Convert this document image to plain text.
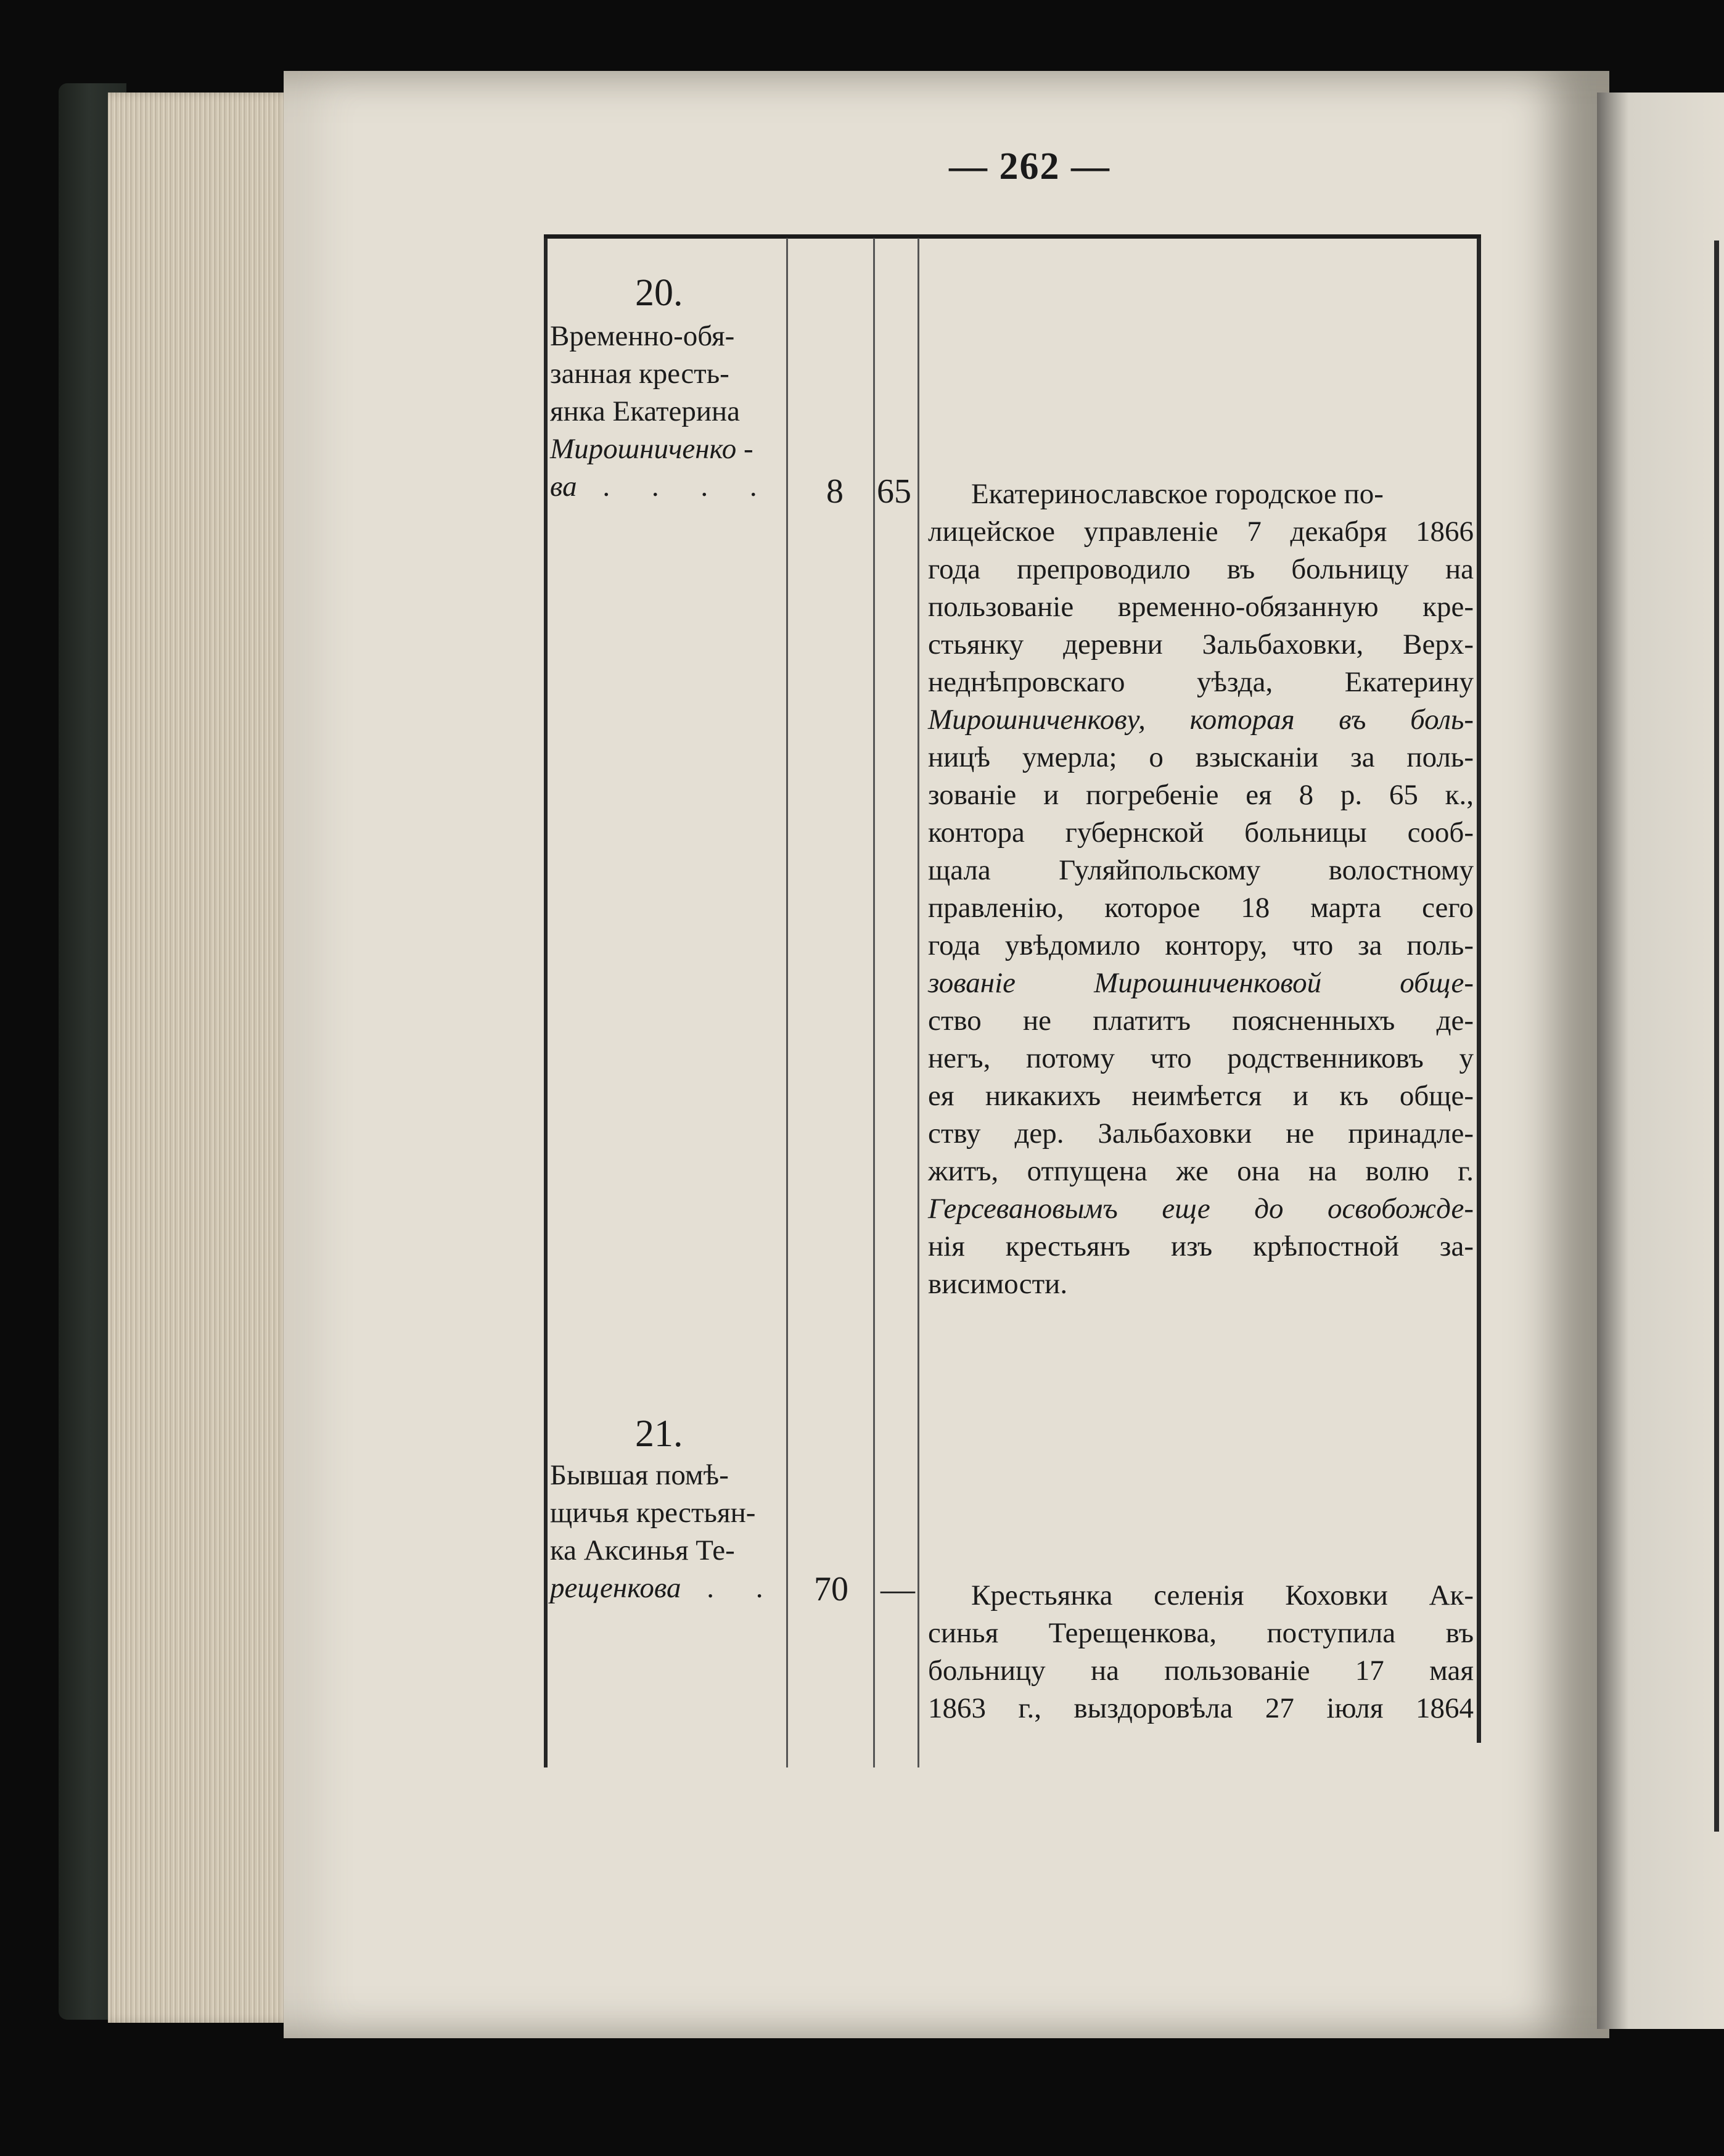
— 262 —
20.
Временно-обя-
занная кресть-
янка Екатерина
Мирошниченко -
ва . . . . 8 65	Екатеринославское городское по-
лицейское управленіе 7 декабря 1866
года препроводило въ больницу на
пользованіе временно-обязанную кре-
стьянку деревни Зальбаховки, Верх-
неднѣпровскаго уѣзда, Екатерину
Мирошниченкову, которая въ боль-
ницѣ умерла; о взысканіи за поль-
зованіе и погребеніе ея 8 р. 65 к.,
контора губернской больницы сооб-
щала Гуляйпольскому волостному
правленію, которое 18 марта сего
года увѣдомило контору, что за поль-
зованіе Мирошниченковой обще-
ство не платитъ поясненныхъ де-
негъ, потому что родственниковъ у
ея никакихъ неимѣется и къ обще-
ству дер. Зальбаховки не принадле-
житъ, отпущена же она на волю г.
Герсевановымъ еще до освобожде-
нія крестьянъ изъ крѣпостной за-
висимости.
21.
Бывшая помѣ-
щичья крестьян-
ка Аксинья Те-
рещенкова . . 70 —	Крестьянка селенія Коховки Ак-
синья Терещенкова, поступила въ
больницу на пользованіе 17 мая
1863 г., выздоровѣла 27 іюля 1864
